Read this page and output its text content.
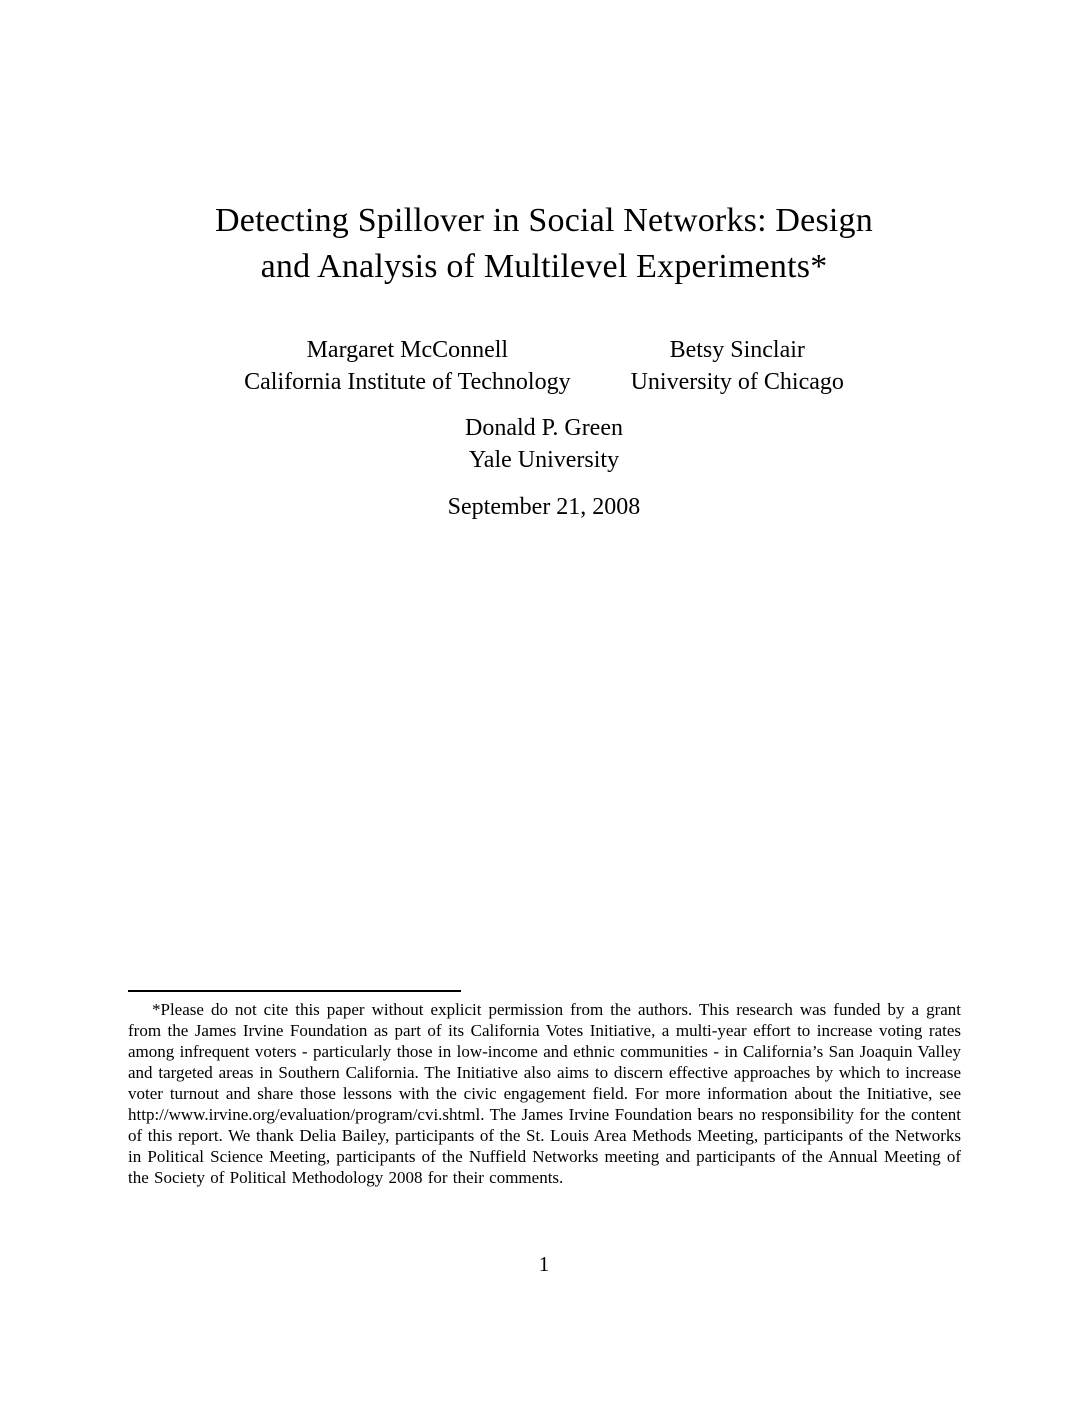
Detecting Spillover in Social Networks: Design
and Analysis of Multilevel Experiments*
Margaret McConnell
California Institute of Technology
Betsy Sinclair
University of Chicago
Donald P. Green
Yale University
September 21, 2008

*Please do not cite this paper without explicit permission from the authors. This research was funded by a grant from the James Irvine Foundation as part of its California Votes Initiative, a multi-year effort to increase voting rates among infrequent voters - particularly those in low-income and ethnic communities - in California’s San Joaquin Valley and targeted areas in Southern California. The Initiative also aims to discern effective approaches by which to increase voter turnout and share those lessons with the civic engagement field. For more information about the Initiative, see http://www.irvine.org/evaluation/program/cvi.shtml. The James Irvine Foundation bears no responsibility for the content of this report. We thank Delia Bailey, participants of the St. Louis Area Methods Meeting, participants of the Networks in Political Science Meeting, participants of the Nuffield Networks meeting and participants of the Annual Meeting of the Society of Political Methodology 2008 for their comments.

1
